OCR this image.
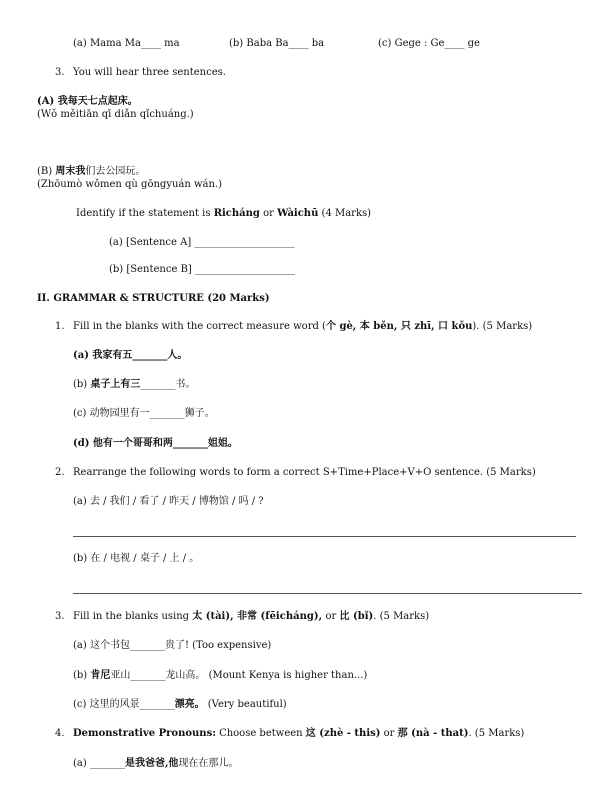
(a) Mama Ma____ ma	(b) Baba Ba____ ba	(c) Gege : Ge____ ge
3. You will hear three sentences.
(A) 我每天七点起床。
(Wǒ měitiān qī diǎn qǐchuáng.)
(B) 周末我们去公园玩。
(Zhōumò wǒmen qù gōngyuán wán.)
Identify if the statement is Richáng or Wàichū (4 Marks)
(a) [Sentence A] ____________________
(b) [Sentence B] ____________________
II. GRAMMAR & STRUCTURE (20 Marks)
1. Fill in the blanks with the correct measure word (个 gè, 本 běn, 只 zhī, 口 kǒu). (5 Marks)
(a) 我家有五_______人。
(b) 桌子上有三_______书。
(c) 动物园里有一_______狮子。
(d) 他有一个哥哥和两_______姐姐。
2. Rearrange the following words to form a correct S+Time+Place+V+O sentence. (5 Marks)
(a) 去 / 我们 / 看了 / 昨天 / 博物馆 / 吗 / ?
(b) 在 / 电视 / 桌子 / 上 / 。
3. Fill in the blanks using 太 (tài), 非常 (fēicháng), or 比 (bǐ). (5 Marks)
(a) 这个书包_______贵了! (Too expensive)
(b) 肯尼亚山_______龙山高。 (Mount Kenya is higher than...)
(c) 这里的风景_______漂亮。 (Very beautiful)
4. Demonstrative Pronouns: Choose between 这 (zhè - this) or 那 (nà - that). (5 Marks)
(a) _______是我爸爸,他现在在那儿。
